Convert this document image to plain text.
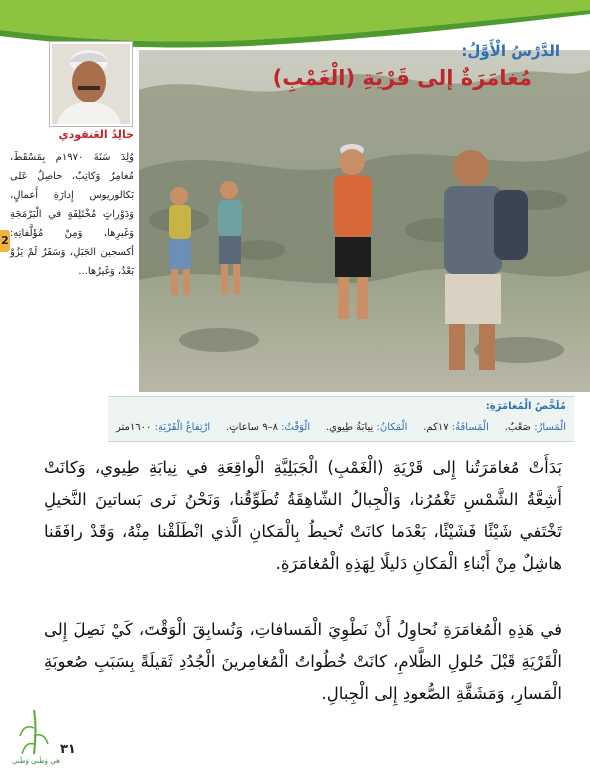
الدَّرْسُ الْأَوَّلُ:
مُغامَرَةٌ إلى قَرْيَةِ (الْغَمْبِ)
خالِدُ العَنقودي
وُلِدَ سَنَةَ ١٩٧٠م بِمَسْقَطَ، مُغامِرٌ وَكاتِبٌ، حاصِلٌ عَلى بَكالوريوس إِدارَةِ أَعمالٍ، وَدَوْراتٍ مُخْتَلِفَةٍ في الْبَرْمَجَةِ وَغَيرِها، وَمِنْ مُؤَلَّفاتِهِ: أكسجين الجَبَلِ، وَسَفَرٌ لَمْ يَزُوْ بَعْدُ، وَغَيرُها...
2
مُلَخَّصُ الْمُغامَرَةِ:
الْمَسارُ: صَعْبٌ.
الْمَسافَةُ: ١٧كم.
الْمَكانُ: نِيابَةُ طِيوي.
الْوَقْتُ: ٨–٩ ساعاتٍ.
ارْتِفاعُ الْقَرْيَةِ: ١٦٠٠متر

بَدَأَتْ مُغامَرَتُنا إِلى قَرْيَةِ (الْغَمْبِ) الْجَبَلِيَّةِ الْواقِعَةِ في نِيابَةِ طِيوي، وَكانَتْ أَشِعَّةُ الشَّمْسِ تَغْمُرُنا، وَالْجِبالُ الشّاهِقَةُ تُطَوِّقُنا، وَنَحْنُ نَرى بَساتينَ النَّخيلِ تَخْتَفي شَيْئًا فَشَيْئًا، بَعْدَما كانَتْ تُحيطُ بِالْمَكانِ الَّذي انْطَلَقْنا مِنْهُ، وَقَدْ رافَقَنا هاشِلٌ مِنْ أَبْناءِ الْمَكانِ دَليلًا لِهَذِهِ الْمُغامَرَةِ.

في هَذِهِ الْمُغامَرَةِ نُحاوِلُ أَنْ نَطْوِيَ الْمَسافاتِ، وَنُسابِقَ الْوَقْتَ، كَيْ نَصِلَ إِلى الْقَرْيَةِ قَبْلَ حُلولِ الظَّلامِ، كانَتْ خُطُواتُ الْمُغامِرينَ الْجُدُدِ ثَقيلَةً بِسَبَبِ صُعوبَةِ الْمَسارِ، وَمَشَقَّةِ الصُّعودِ إِلى الْجِبالِ.

٣١
هي وَطَني وَطَني
